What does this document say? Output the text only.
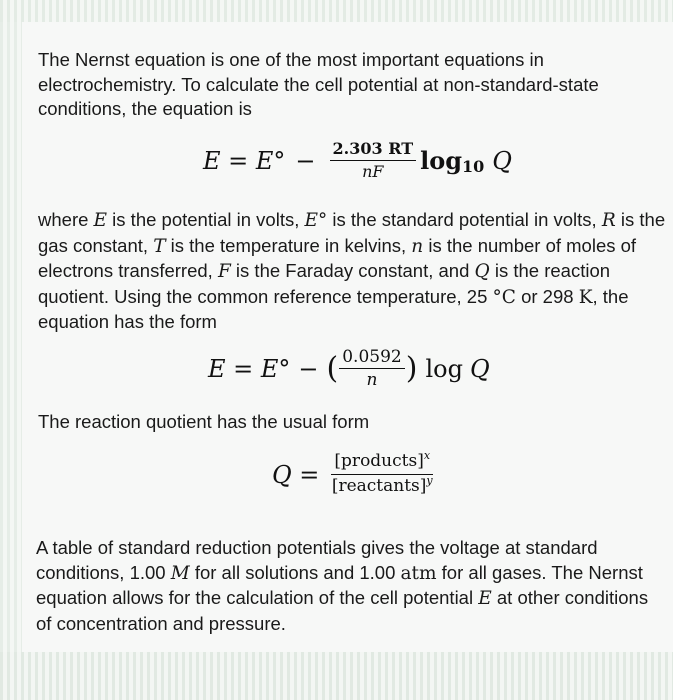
The Nernst equation is one of the most important equations in electrochemistry. To calculate the cell potential at non-standard-state conditions, the equation is

$E = E^\circ - \frac{2.303 RT}{nF}$ log 10 Q

where E is the potential in volts, E° is the standard potential in volts, R is the gas constant, T is the temperature in kelvins, n is the number of moles of electrons transferred, F is the Faraday constant, and Q is the reaction quotient. Using the common reference temperature, 25 °C or 298 K, the equation has the form

E = E° − ( $\frac{0.0592}{n}$ ) log Q

The reaction quotient has the usual form

$Q = \frac{[products]^x}{[reactants]^y}$

A table of standard reduction potentials gives the voltage at standard conditions, 1.00 M for all solutions and 1.00 atm for all gases. The Nernst equation allows for the calculation of the cell potential E at other conditions of concentration and pressure.
